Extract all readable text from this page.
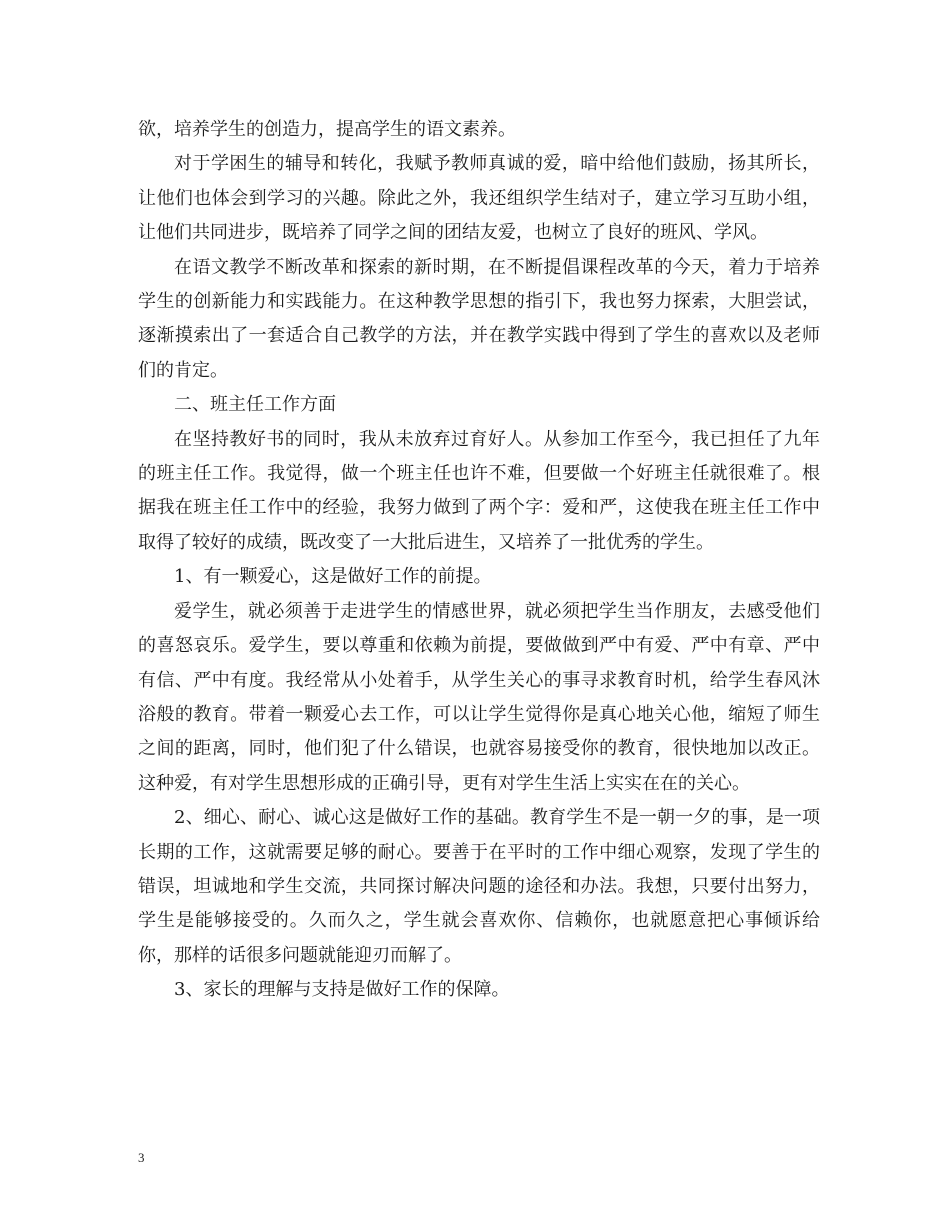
欲，培养学生的创造力，提高学生的语文素养。

对于学困生的辅导和转化，我赋予教师真诚的爱，暗中给他们鼓励，扬其所长，让他们也体会到学习的兴趣。除此之外，我还组织学生结对子，建立学习互助小组，让他们共同进步，既培养了同学之间的团结友爱，也树立了良好的班风、学风。

在语文教学不断改革和探索的新时期，在不断提倡课程改革的今天，着力于培养学生的创新能力和实践能力。在这种教学思想的指引下，我也努力探索，大胆尝试，逐渐摸索出了一套适合自己教学的方法，并在教学实践中得到了学生的喜欢以及老师们的肯定。

二、班主任工作方面

在坚持教好书的同时，我从未放弃过育好人。从参加工作至今，我已担任了九年的班主任工作。我觉得，做一个班主任也许不难，但要做一个好班主任就很难了。根据我在班主任工作中的经验，我努力做到了两个字：爱和严，这使我在班主任工作中取得了较好的成绩，既改变了一大批后进生，又培养了一批优秀的学生。

1、有一颗爱心，这是做好工作的前提。

爱学生，就必须善于走进学生的情感世界，就必须把学生当作朋友，去感受他们的喜怒哀乐。爱学生，要以尊重和依赖为前提，要做做到严中有爱、严中有章、严中有信、严中有度。我经常从小处着手，从学生关心的事寻求教育时机，给学生春风沐浴般的教育。带着一颗爱心去工作，可以让学生觉得你是真心地关心他，缩短了师生之间的距离，同时，他们犯了什么错误，也就容易接受你的教育，很快地加以改正。这种爱，有对学生思想形成的正确引导，更有对学生生活上实实在在的关心。

2、细心、耐心、诚心这是做好工作的基础。教育学生不是一朝一夕的事，是一项长期的工作，这就需要足够的耐心。要善于在平时的工作中细心观察，发现了学生的错误，坦诚地和学生交流，共同探讨解决问题的途径和办法。我想，只要付出努力，学生是能够接受的。久而久之，学生就会喜欢你、信赖你，也就愿意把心事倾诉给你，那样的话很多问题就能迎刃而解了。

3、家长的理解与支持是做好工作的保障。

3
